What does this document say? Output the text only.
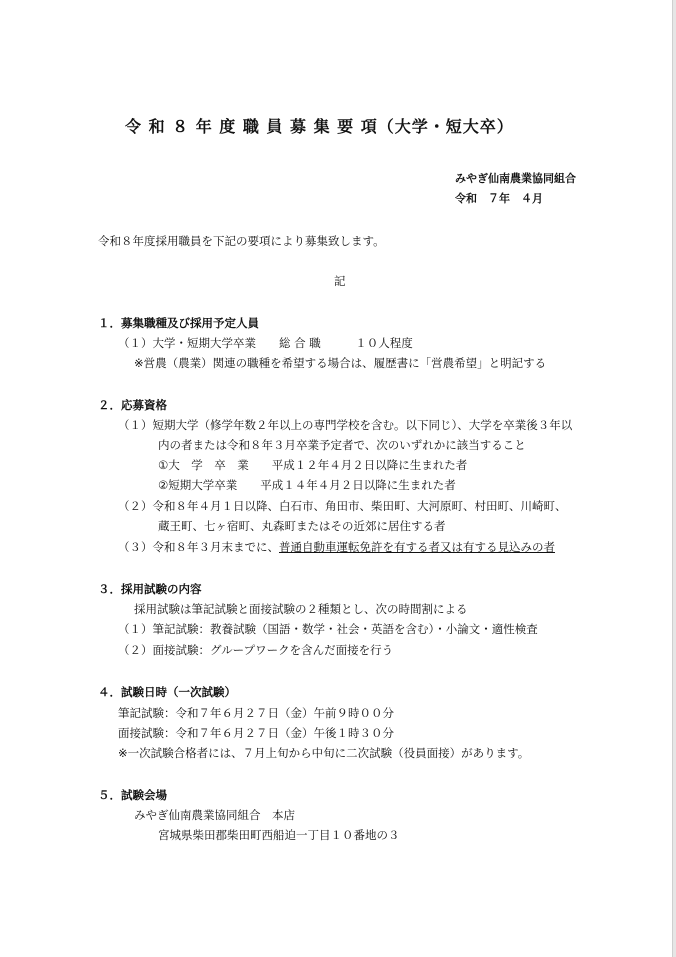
令 和 ８ 年 度 職 員 募 集 要 項（大学・短大卒）
みやぎ仙南農業協同組合
令和　７年　４月
令和８年度採用職員を下記の要項により募集致します。
記
１．募集職種及び採用予定人員
（１）大学・短期大学卒業　　総 合 職　　　１０人程度
※営農（農業）関連の職種を希望する場合は、履歴書に「営農希望」と明記する
２．応募資格
（１）短期大学（修学年数２年以上の専門学校を含む。以下同じ）、大学を卒業後３年以
内の者または令和８年３月卒業予定者で、次のいずれかに該当すること
①大　学　卒　業　　平成１２年４月２日以降に生まれた者
②短期大学卒業　　平成１４年４月２日以降に生まれた者
（２）令和８年４月１日以降、白石市、角田市、柴田町、大河原町、村田町、川崎町、
蔵王町、七ヶ宿町、丸森町またはその近郊に居住する者
（３）令和８年３月末までに、普通自動車運転免許を有する者又は有する見込みの者
３．採用試験の内容
採用試験は筆記試験と面接試験の２種類とし、次の時間割による
（１）筆記試験：教養試験（国語・数学・社会・英語を含む）・小論文・適性検査
（２）面接試験：グループワークを含んだ面接を行う
４．試験日時（一次試験）
筆記試験：令和７年６月２７日（金）午前９時００分
面接試験：令和７年６月２７日（金）午後１時３０分
※一次試験合格者には、７月上旬から中旬に二次試験（役員面接）があります。
５．試験会場
みやぎ仙南農業協同組合　本店
宮城県柴田郡柴田町西船迫一丁目１０番地の３
